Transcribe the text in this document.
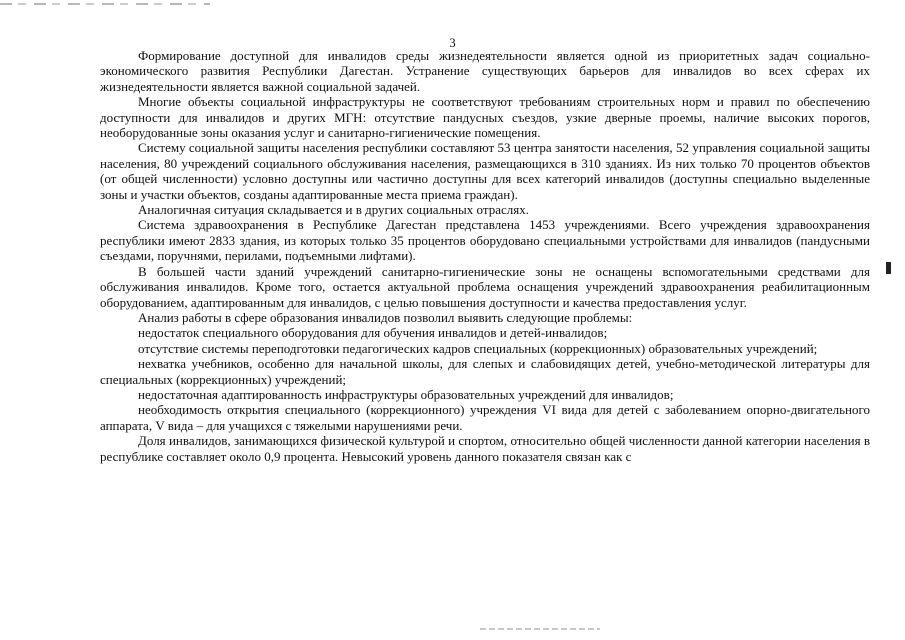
3

Формирование доступной для инвалидов среды жизнедеятельности является одной из приоритетных задач социально-экономического развития Республики Дагестан. Устранение существующих барьеров для инвалидов во всех сферах их жизнедеятельности является важной социальной задачей.

Многие объекты социальной инфраструктуры не соответствуют требованиям строительных норм и правил по обеспечению доступности для инвалидов и других МГН: отсутствие пандусных съездов, узкие дверные проемы, наличие высоких порогов, необорудованные зоны оказания услуг и санитарно-гигиенические помещения.

Систему социальной защиты населения республики составляют 53 центра занятости населения, 52 управления социальной защиты населения, 80 учреждений социального обслуживания населения, размещающихся в 310 зданиях. Из них только 70 процентов объектов (от общей численности) условно доступны или частично доступны для всех категорий инвалидов (доступны специально выделенные зоны и участки объектов, созданы адаптированные места приема граждан).

Аналогичная ситуация складывается и в других социальных отраслях.

Система здравоохранения в Республике Дагестан представлена 1453 учреждениями. Всего учреждения здравоохранения республики имеют 2833 здания, из которых только 35 процентов оборудовано специальными устройствами для инвалидов (пандусными съездами, поручнями, перилами, подъемными лифтами).

В большей части зданий учреждений санитарно-гигиенические зоны не оснащены вспомогательными средствами для обслуживания инвалидов. Кроме того, остается актуальной проблема оснащения учреждений здравоохранения реабилитационным оборудованием, адаптированным для инвалидов, с целью повышения доступности и качества предоставления услуг.

Анализ работы в сфере образования инвалидов позволил выявить следующие проблемы:

недостаток специального оборудования для обучения инвалидов и детей-инвалидов;

отсутствие системы переподготовки педагогических кадров специальных (коррекционных) образовательных учреждений;

нехватка учебников, особенно для начальной школы, для слепых и слабовидящих детей, учебно-методической литературы для специальных (коррекционных) учреждений;

недостаточная адаптированность инфраструктуры образовательных учреждений для инвалидов;

необходимость открытия специального (коррекционного) учреждения VI вида для детей с заболеванием опорно-двигательного аппарата, V вида – для учащихся с тяжелыми нарушениями речи.

Доля инвалидов, занимающихся физической культурой и спортом, относительно общей численности данной категории населения в республике составляет около 0,9 процента. Невысокий уровень данного показателя связан как с
